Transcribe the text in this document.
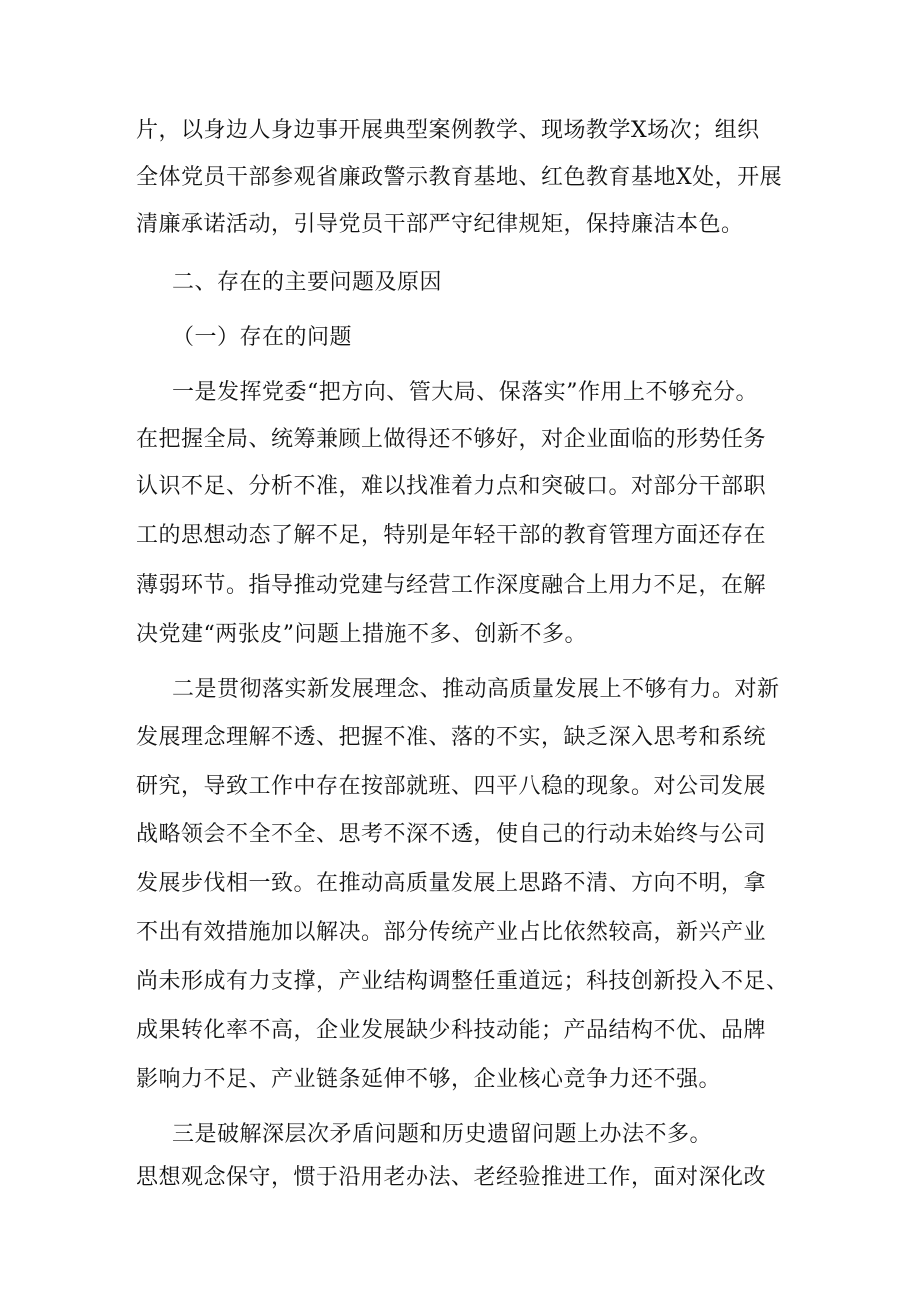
片，以身边人身边事开展典型案例教学、现场教学X场次；组织
全体党员干部参观省廉政警示教育基地、红色教育基地X处，开展
清廉承诺活动，引导党员干部严守纪律规矩，保持廉洁本色。
二、存在的主要问题及原因
（一）存在的问题
一是发挥党委“把方向、管大局、保落实”作用上不够充分。
在把握全局、统筹兼顾上做得还不够好，对企业面临的形势任务
认识不足、分析不准，难以找准着力点和突破口。对部分干部职
工的思想动态了解不足，特别是年轻干部的教育管理方面还存在
薄弱环节。指导推动党建与经营工作深度融合上用力不足，在解
决党建“两张皮”问题上措施不多、创新不多。
二是贯彻落实新发展理念、推动高质量发展上不够有力。对新
发展理念理解不透、把握不准、落的不实，缺乏深入思考和系统
研究，导致工作中存在按部就班、四平八稳的现象。对公司发展
战略领会不全不全、思考不深不透，使自己的行动未始终与公司
发展步伐相一致。在推动高质量发展上思路不清、方向不明，拿
不出有效措施加以解决。部分传统产业占比依然较高，新兴产业
尚未形成有力支撑，产业结构调整任重道远；科技创新投入不足、
成果转化率不高，企业发展缺少科技动能；产品结构不优、品牌
影响力不足、产业链条延伸不够，企业核心竞争力还不强。
三是破解深层次矛盾问题和历史遗留问题上办法不多。
思想观念保守，惯于沿用老办法、老经验推进工作，面对深化改
